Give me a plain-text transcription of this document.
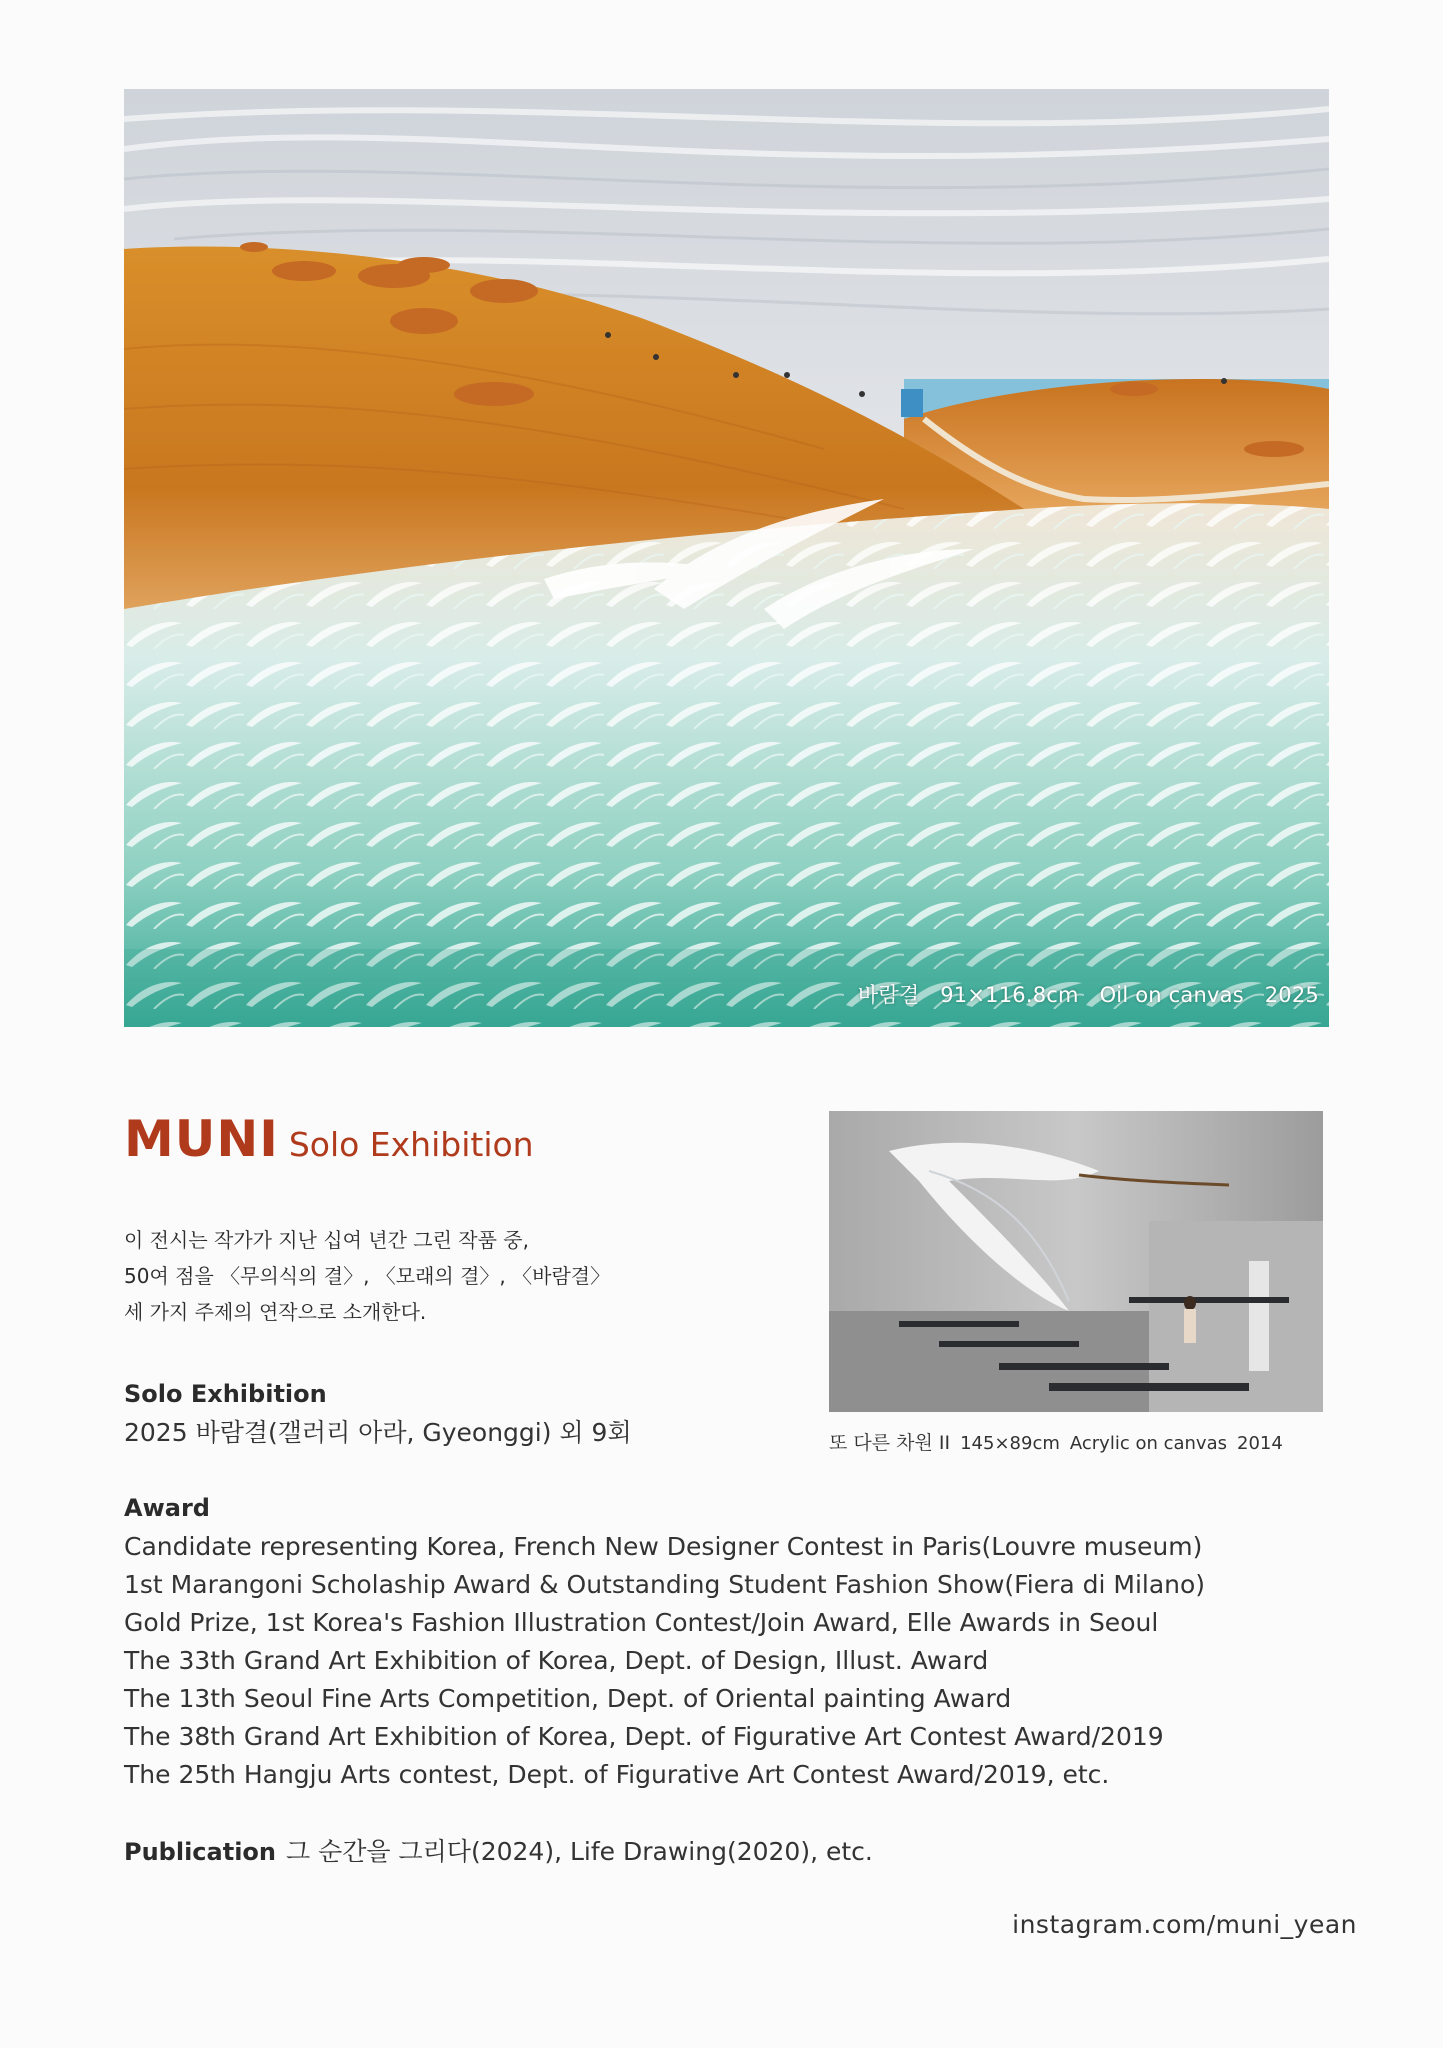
바람결 91×116.8cm Oil on canvas 2025
MUNI Solo Exhibition
이 전시는 작가가 지난 십여 년간 그린 작품 중,
50여 점을 〈무의식의 결〉, 〈모래의 결〉, 〈바람결〉
세 가지 주제의 연작으로 소개한다.
Solo Exhibition
2025 바람결(갤러리 아라, Gyeonggi) 외 9회	또 다른 차원 II 145×89cm Acrylic on canvas 2014
Award
Candidate representing Korea, French New Designer Contest in Paris(Louvre museum)
1st Marangoni Scholaship Award & Outstanding Student Fashion Show(Fiera di Milano)
Gold Prize, 1st Korea's Fashion Illustration Contest/Join Award, Elle Awards in Seoul
The 33th Grand Art Exhibition of Korea, Dept. of Design, Illust. Award
The 13th Seoul Fine Arts Competition, Dept. of Oriental painting Award
The 38th Grand Art Exhibition of Korea, Dept. of Figurative Art Contest Award/2019
The 25th Hangju Arts contest, Dept. of Figurative Art Contest Award/2019, etc.
Publication 그 순간을 그리다(2024), Life Drawing(2020), etc.
instagram.com/muni_yean
